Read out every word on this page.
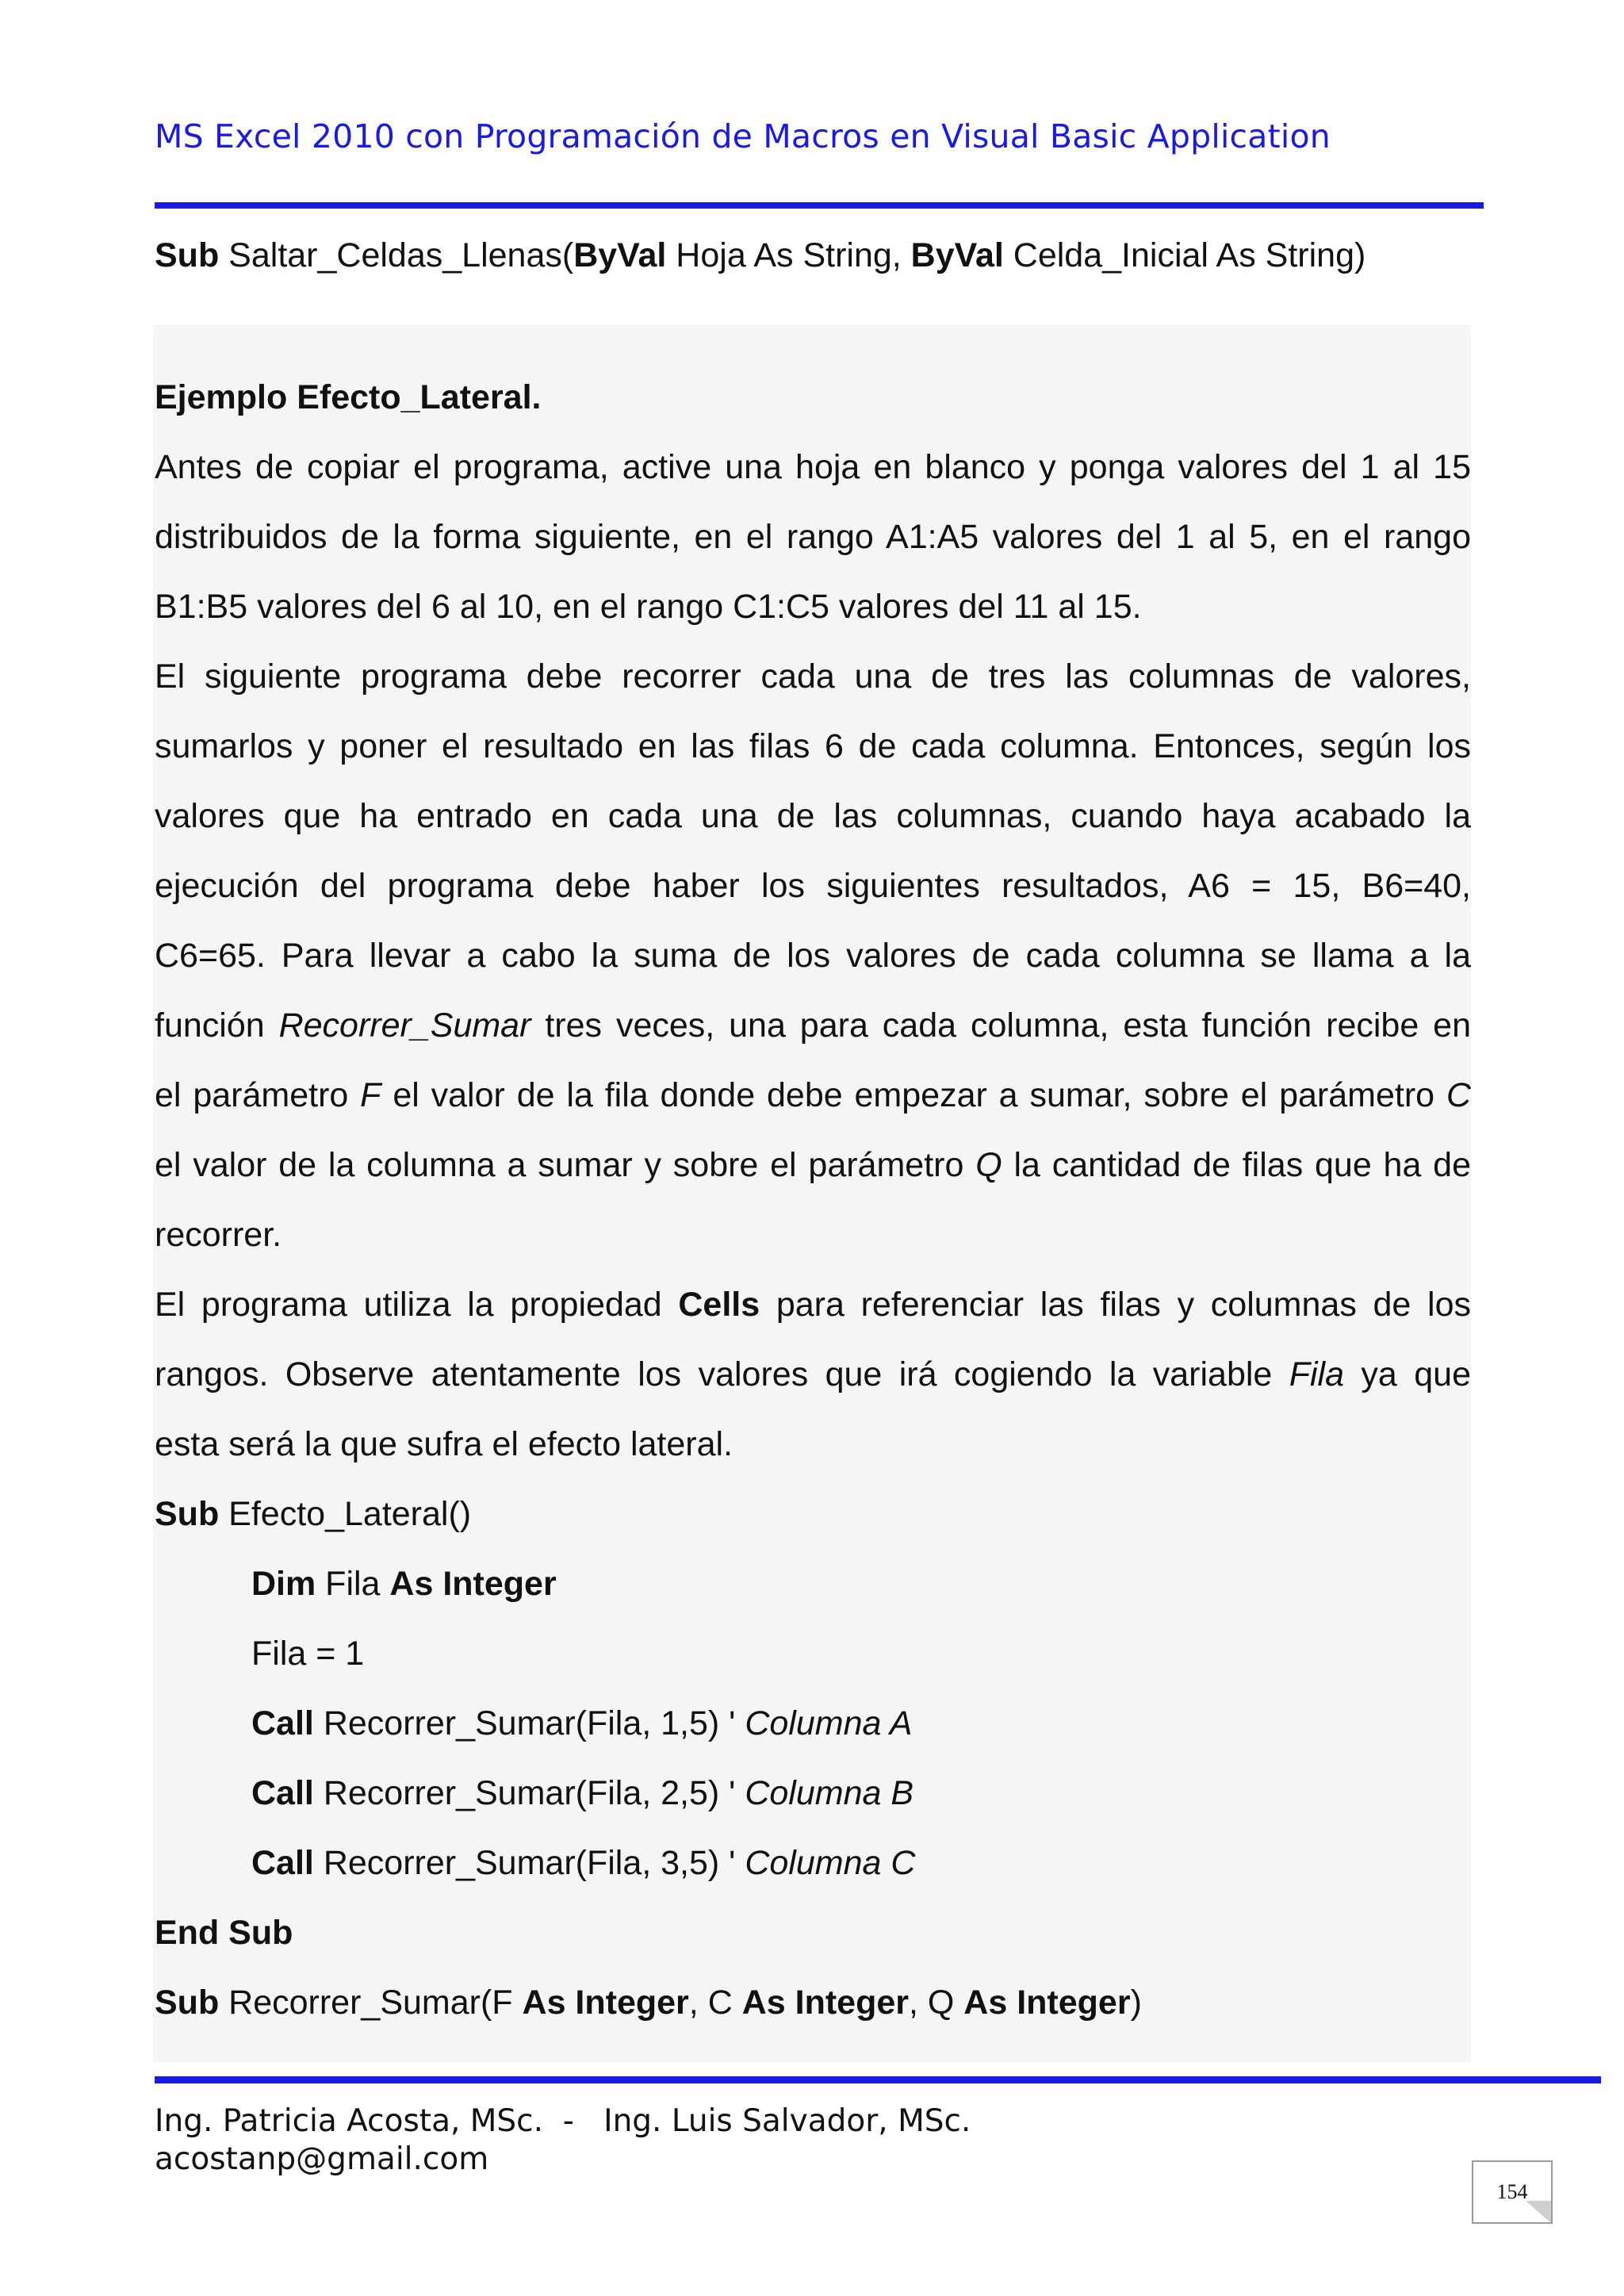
MS Excel 2010 con Programación de Macros en Visual Basic Application
Sub Saltar_Celdas_Llenas(ByVal Hoja As String, ByVal Celda_Inicial As String)
Ejemplo Efecto_Lateral.
Antes de copiar el programa, active una hoja en blanco y ponga valores del 1 al 15
distribuidos de la forma siguiente, en el rango A1:A5 valores del 1 al 5, en el rango
B1:B5 valores del 6 al 10, en el rango C1:C5 valores del 11 al 15.
El siguiente programa debe recorrer cada una de tres las columnas de valores,
sumarlos y poner el resultado en las filas 6 de cada columna. Entonces, según los
valores que ha entrado en cada una de las columnas, cuando haya acabado la
ejecución del programa debe haber los siguientes resultados, A6 = 15, B6=40,
C6=65. Para llevar a cabo la suma de los valores de cada columna se llama a la
función Recorrer_Sumar tres veces, una para cada columna, esta función recibe en
el parámetro F el valor de la fila donde debe empezar a sumar, sobre el parámetro C
el valor de la columna a sumar y sobre el parámetro Q la cantidad de filas que ha de
recorrer.
El programa utiliza la propiedad Cells para referenciar las filas y columnas de los
rangos. Observe atentamente los valores que irá cogiendo la variable Fila ya que
esta será la que sufra el efecto lateral.
Sub Efecto_Lateral()
Dim Fila As Integer
Fila = 1
Call Recorrer_Sumar(Fila, 1,5) ' Columna A
Call Recorrer_Sumar(Fila, 2,5) ' Columna B
Call Recorrer_Sumar(Fila, 3,5) ' Columna C
End Sub
Sub Recorrer_Sumar(F As Integer, C As Integer, Q As Integer)
Ing. Patricia Acosta, MSc.  -   Ing. Luis Salvador, MSc.
acostanp@gmail.com
154
